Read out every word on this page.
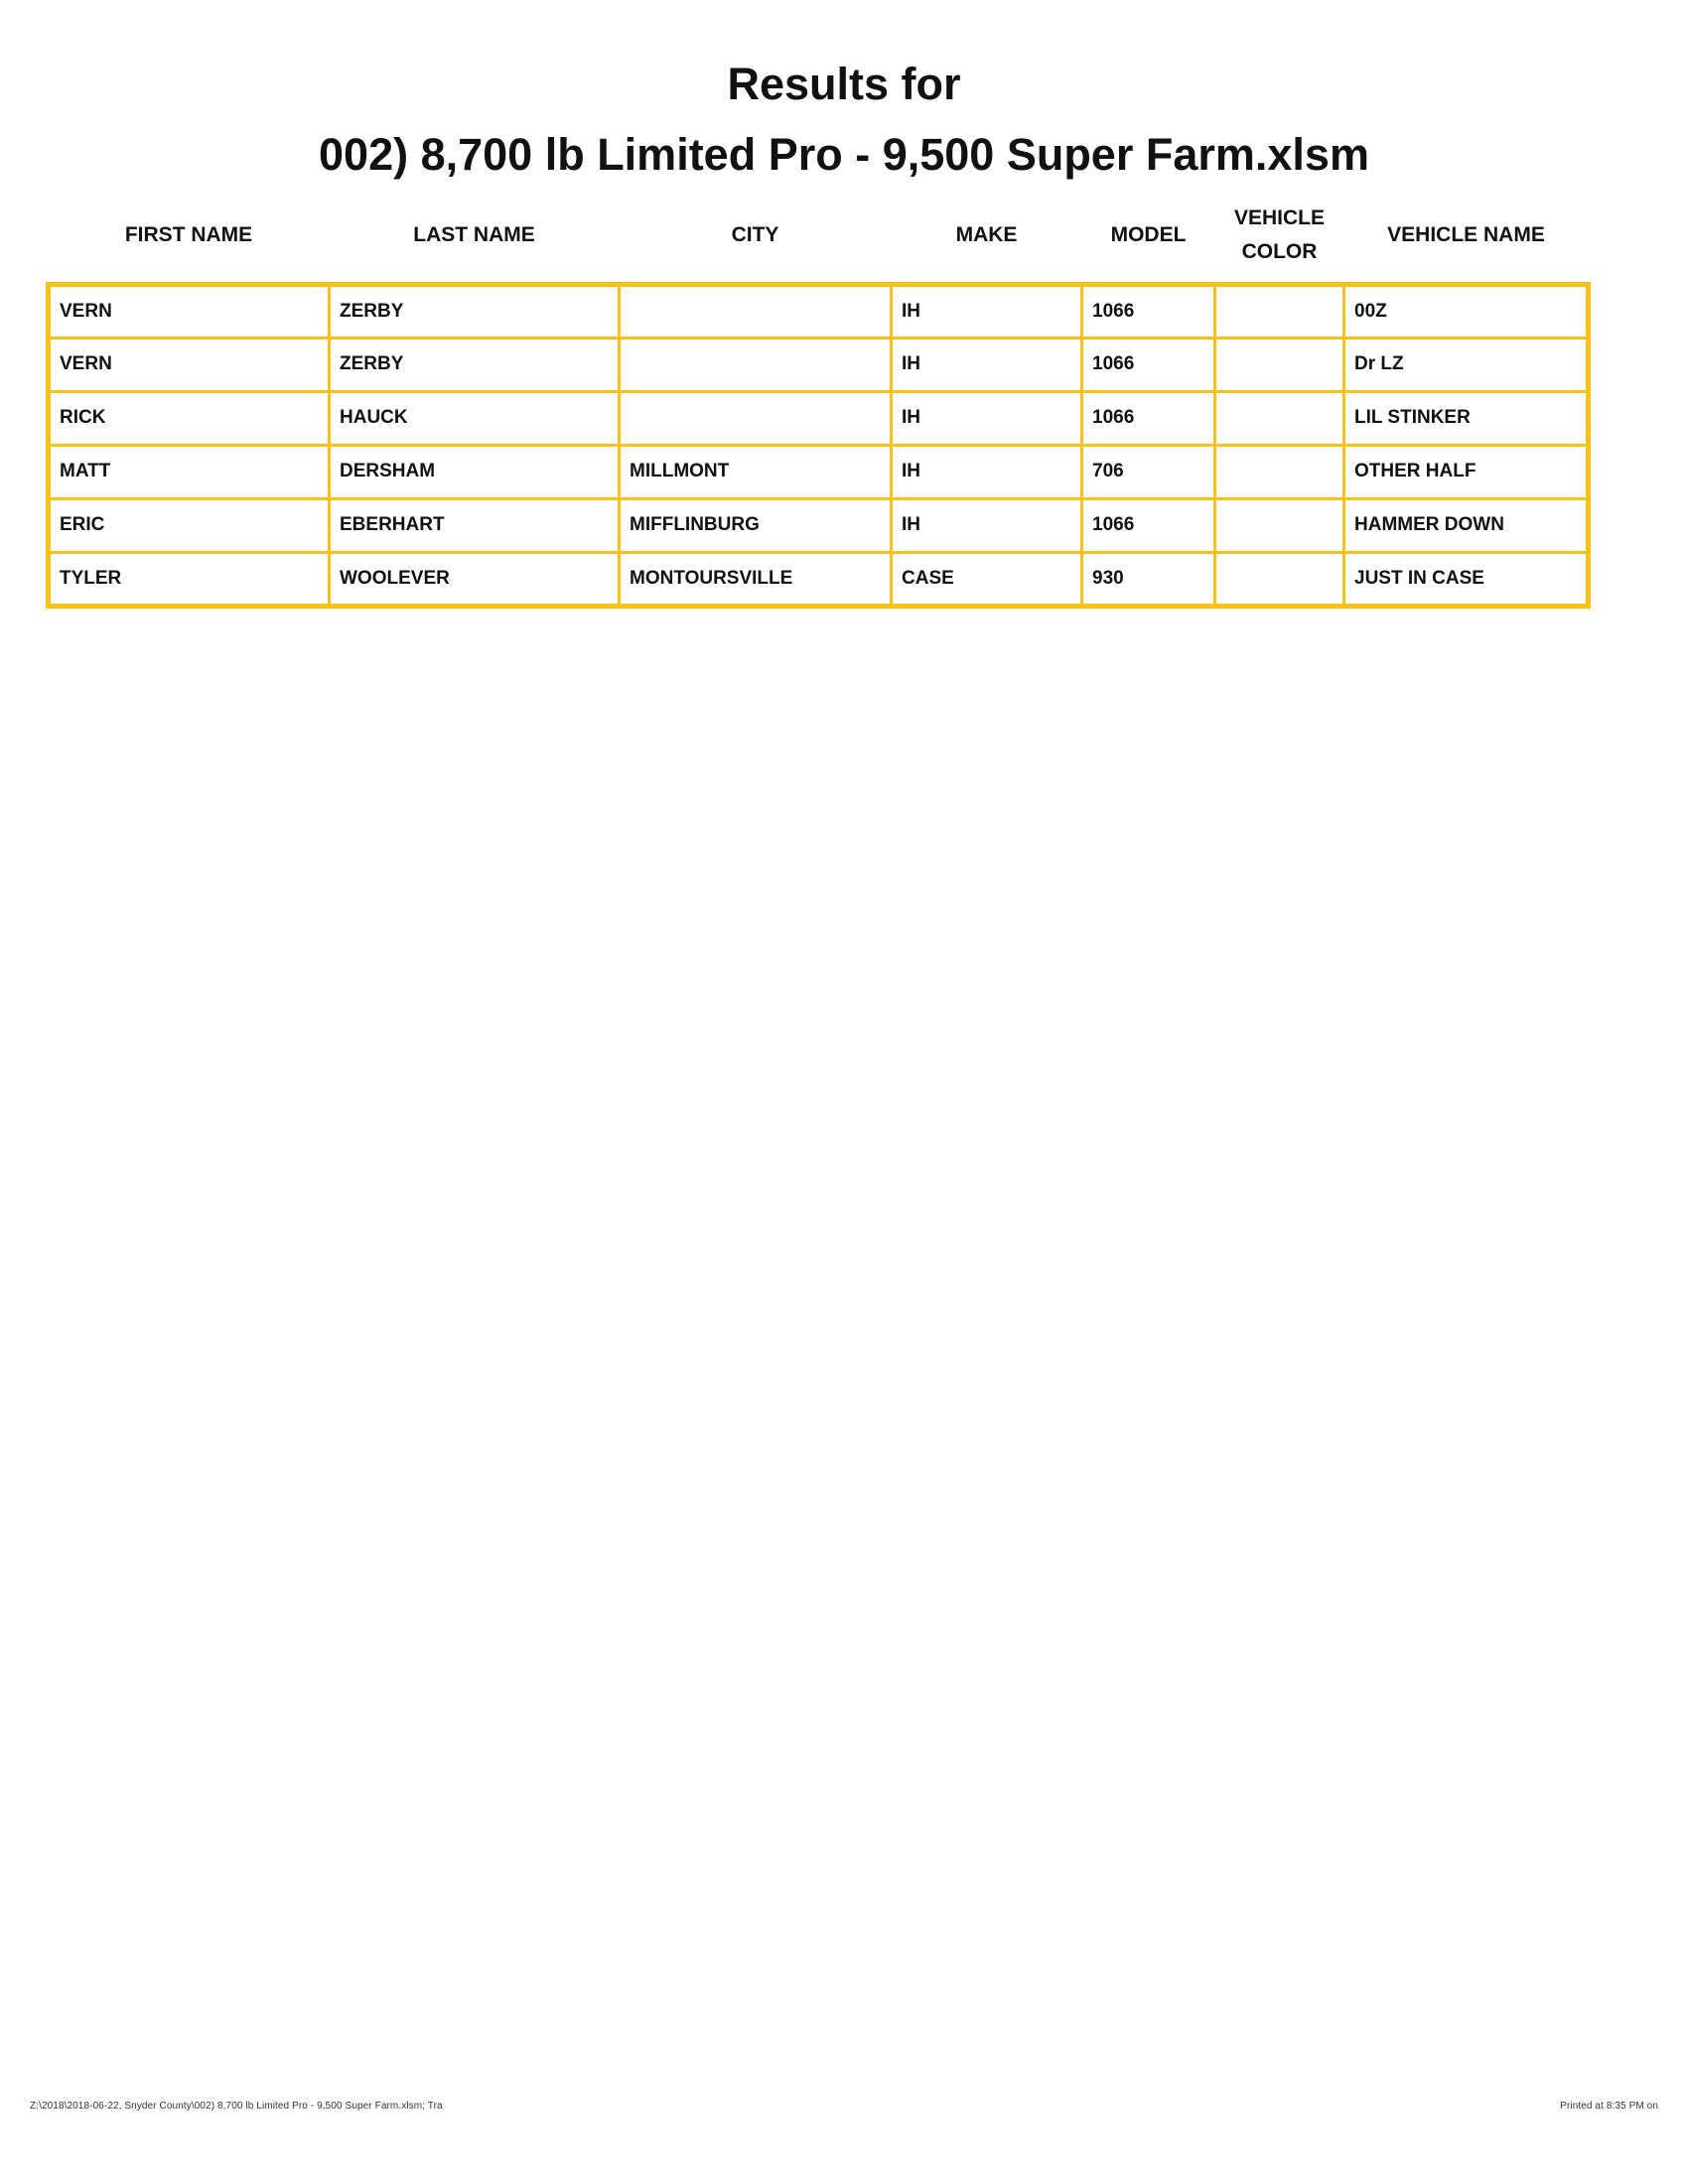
Results for
002) 8,700 lb Limited Pro - 9,500 Super Farm.xlsm
FIRST NAME	LAST NAME	CITY	MAKE	MODEL	VEHICLE COLOR	VEHICLE NAME
VERN	ZERBY		IH	1066		00Z
VERN	ZERBY		IH	1066		Dr LZ
RICK	HAUCK		IH	1066		LIL STINKER
MATT	DERSHAM	MILLMONT	IH	706		OTHER HALF
ERIC	EBERHART	MIFFLINBURG	IH	1066		HAMMER DOWN
TYLER	WOOLEVER	MONTOURSVILLE	CASE	930		JUST IN CASE
Z:\2018\2018-06-22, Snyder County\002) 8,700 lb Limited Pro - 9,500 Super Farm.xlsm; Tra	Printed at 8:35 PM on
